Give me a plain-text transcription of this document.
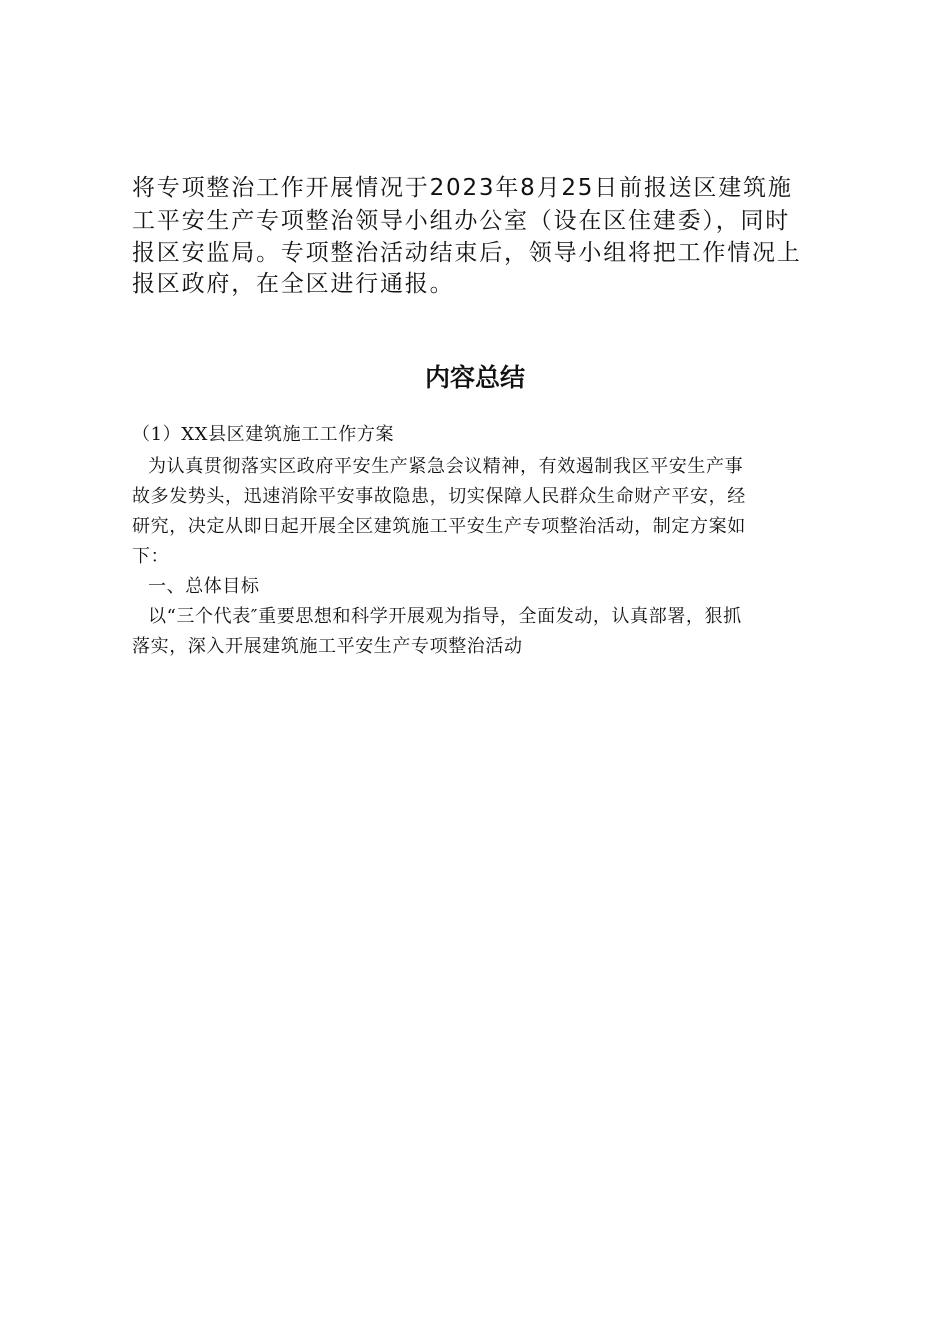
将专项整治工作开展情况于2023年8月25日前报送区建筑施

工平安生产专项整治领导小组办公室（设在区住建委），同时

报区安监局。专项整治活动结束后，领导小组将把工作情况上

报区政府，在全区进行通报。

内容总结

（1）XX县区建筑施工工作方案

为认真贯彻落实区政府平安生产紧急会议精神，有效遏制我区平安生产事

故多发势头，迅速消除平安事故隐患，切实保障人民群众生命财产平安，经

研究，决定从即日起开展全区建筑施工平安生产专项整治活动，制定方案如

下：

一、总体目标

以“三个代表″重要思想和科学开展观为指导，全面发动，认真部署，狠抓

落实，深入开展建筑施工平安生产专项整治活动
